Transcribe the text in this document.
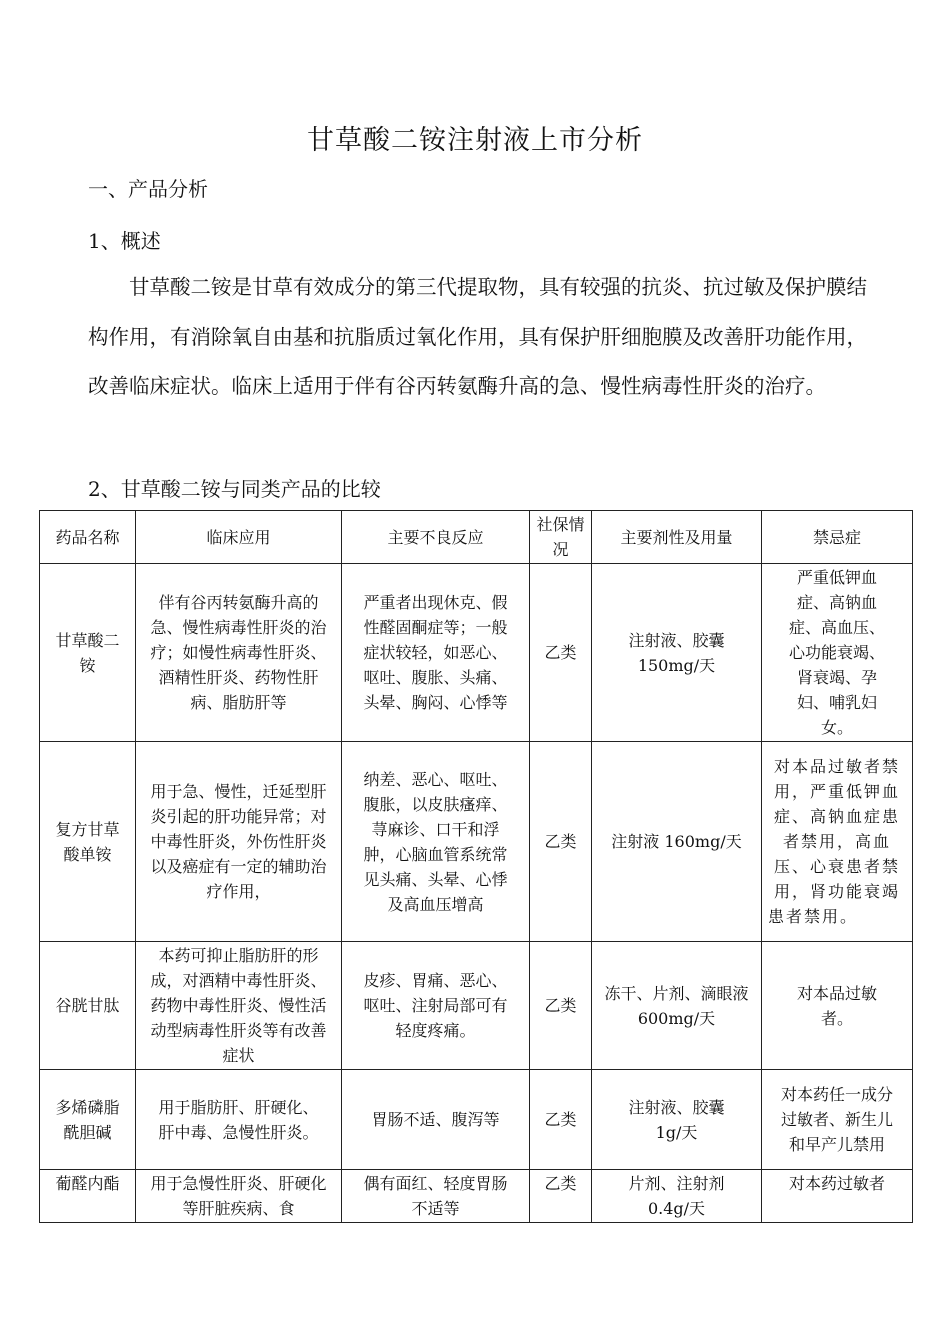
甘草酸二铵注射液上市分析
一、产品分析
1、概述
甘草酸二铵是甘草有效成分的第三代提取物，具有较强的抗炎、抗过敏及保护膜结构作用，有消除氧自由基和抗脂质过氧化作用，具有保护肝细胞膜及改善肝功能作用，改善临床症状。临床上适用于伴有谷丙转氨酶升高的急、慢性病毒性肝炎的治疗。
2、甘草酸二铵与同类产品的比较
药品名称	临床应用	主要不良反应	社保情况	主要剂性及用量	禁忌症
甘草酸二铵	伴有谷丙转氨酶升高的急、慢性病毒性肝炎的治疗；如慢性病毒性肝炎、酒精性肝炎、药物性肝病、脂肪肝等	严重者出现休克、假性醛固酮症等；一般症状较轻，如恶心、呕吐、腹胀、头痛、头晕、胸闷、心悸等	乙类	注射液、胶囊 150mg/天	严重低钾血症、高钠血症、高血压、心功能衰竭、肾衰竭、孕妇、哺乳妇女。
复方甘草酸单铵	用于急、慢性，迁延型肝炎引起的肝功能异常；对中毒性肝炎，外伤性肝炎以及癌症有一定的辅助治疗作用，	纳差、恶心、呕吐、腹胀，以皮肤瘙痒、荨麻诊、口干和浮肿，心脑血管系统常见头痛、头晕、心悸及高血压增高	乙类	注射液 160mg/天	对本品过敏者禁用，严重低钾血症、高钠血症患者禁用，高血压、心衰患者禁用，肾功能衰竭患者禁用。
谷胱甘肽	本药可抑止脂肪肝的形成，对酒精中毒性肝炎、药物中毒性肝炎、慢性活动型病毒性肝炎等有改善症状	皮疹、胃痛、恶心、呕吐、注射局部可有轻度疼痛。	乙类	冻干、片剂、滴眼液 600mg/天	对本品过敏者。
多烯磷脂酰胆碱	用于脂肪肝、肝硬化、肝中毒、急慢性肝炎。	胃肠不适、腹泻等	乙类	注射液、胶囊 1g/天	对本药任一成分过敏者、新生儿和早产儿禁用
葡醛内酯	用于急慢性肝炎、肝硬化等肝脏疾病、食	偶有面红、轻度胃肠不适等	乙类	片剂、注射剂 0.4g/天	对本药过敏者
